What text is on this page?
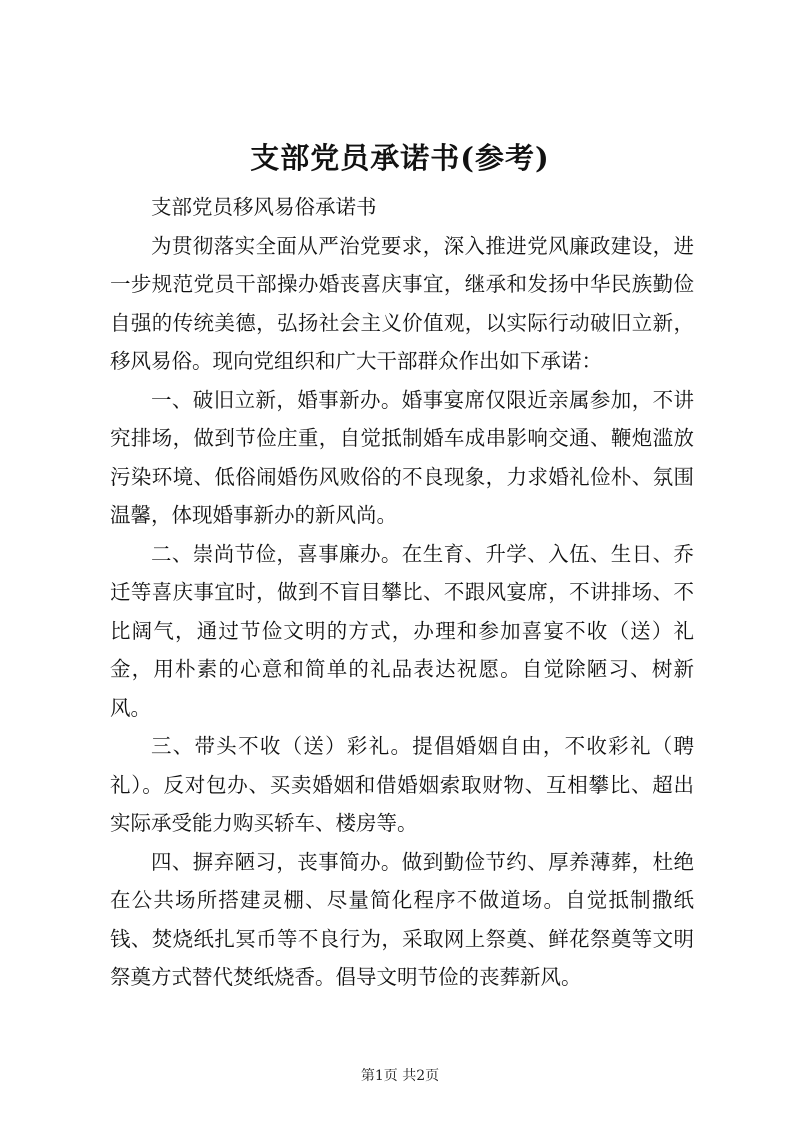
支部党员承诺书(参考)

支部党员移风易俗承诺书

为贯彻落实全面从严治党要求，深入推进党风廉政建设，进一步规范党员干部操办婚丧喜庆事宜，继承和发扬中华民族勤俭自强的传统美德，弘扬社会主义价值观，以实际行动破旧立新，移风易俗。现向党组织和广大干部群众作出如下承诺：

一、破旧立新，婚事新办。婚事宴席仅限近亲属参加，不讲究排场，做到节俭庄重，自觉抵制婚车成串影响交通、鞭炮滥放污染环境、低俗闹婚伤风败俗的不良现象，力求婚礼俭朴、氛围温馨，体现婚事新办的新风尚。

二、崇尚节俭，喜事廉办。在生育、升学、入伍、生日、乔迁等喜庆事宜时，做到不盲目攀比、不跟风宴席，不讲排场、不比阔气，通过节俭文明的方式，办理和参加喜宴不收（送）礼金，用朴素的心意和简单的礼品表达祝愿。自觉除陋习、树新风。

三、带头不收（送）彩礼。提倡婚姻自由，不收彩礼（聘礼）。反对包办、买卖婚姻和借婚姻索取财物、互相攀比、超出实际承受能力购买轿车、楼房等。

四、摒弃陋习，丧事简办。做到勤俭节约、厚养薄葬，杜绝在公共场所搭建灵棚、尽量简化程序不做道场。自觉抵制撒纸钱、焚烧纸扎冥币等不良行为，采取网上祭奠、鲜花祭奠等文明祭奠方式替代焚纸烧香。倡导文明节俭的丧葬新风。

第1页 共2页
